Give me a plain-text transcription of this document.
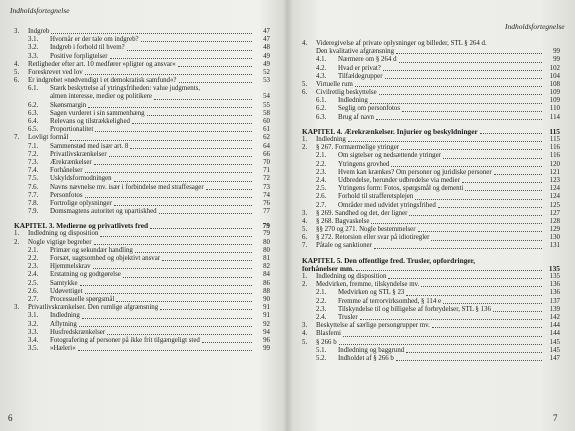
Indholdsfortegnelse
Indholdsfortegnelse
3.	Indgreb	47
3.1.	Hvornår er der tale om indgreb?	47
3.2.	Indgreb i forhold til hvem?	48
3.3.	Positive forpligtelser	49
4.	Retligheder efter art. 10 medfører »pligter og ansvar«	49
5.	Foreskrevet ved lov	52
6.	Er indgrebet »nødvendigt i et demokratisk samfund«?	53
6.1.	Stærk beskyttelse af ytringsfriheden: value judgments,
almen interesse, medier og politikere	54
6.2.	Skønsmargin	55
6.3.	Sagen vurderet i sin sammenhæng	58
6.4.	Relevans og tilstrækkelighed	60
6.5.	Proportionalitet	61
7.	Lovligt formål	62
7.1.	Sammenstød med især art. 8	64
7.2.	Privatlivskrænkelser	66
7.3.	Ærekrænkelser	70
7.4.	Forhånelser	71
7.5.	Uskyldsformodningen	72
7.6.	Navns nævnelse mv. især i forbindelse med straffesager	73
7.7.	Personfotos	74
7.8.	Fortrolige oplysninger	76
7.9.	Domsmagtens autoritet og upartiskhed	77
KAPITEL 3. Medierne og privatlivets fred	79
1.	Indledning og disposition	79
2.	Nogle vigtige begreber	80
2.1.	Primær og sekundær handling	80
2.2.	Forsæt, uagtsomhed og objektivt ansvar	81
2.3.	Hjemmelskrav	82
2.4.	Erstatning og godtgørelse	84
2.5.	Samtykke	86
2.6.	Udøvettiget	88
2.7.	Processuelle spørgsmål	90
3.	Privatlivskrænkelser. Den rumlige afgrænsning	91
3.1.	Indledning	91
3.2.	Aflytning	92
3.3.	Husfredskrænkelser	94
3.4.	Fotografering af personer på ikke frit tilgængeligt sted	96
3.5.	»Hæleri«	99
4.	Videregivelse af private oplysninger og billeder, STL § 264 d.
Den kvalitative afgrænsning	99
4.1.	Nærmere om § 264 d	99
4.2.	Hvad er privat?	102
4.3.	Tilfældegrupper	104
5.	Virtuelle rum	108
6.	Civilretlig beskyttelse	109
6.1.	Indledning	109
6.2.	Seglig om personfotos	110
6.3.	Brug af navn	114
KAPITEL 4. Ærekrænkelser. Injurier og beskyldninger	115
1.	Indledning	115
2.	§ 267. Formærmelige ytringer	116
2.1.	Om sigtelser og nedsættende ytringer	116
2.2.	Ytringens grovhed	120
2.3.	Hvem kan krænkes? Om personer og juridiske personer	121
2.4.	Udbredelse, herunder udbredelse via medier	123
2.5.	Ytringens form: Fotos, spørgsmål og dementi	124
2.6.	Forhold til strafferetsplejen	124
2.7.	Områder med udvidet ytringsfrihed	125
3.	§ 269. Sandhed og det, der ligner	127
4.	§ 268. Bagvaskelse	128
5.	§§ 270 og 271. Nogle bestemmelser	129
6.	§ 272. Retorsion eller svar på idiotiregler	130
7.	Påtale og sanktioner	131
KAPITEL 5. Den offentlige fred. Trusler, opfordringer,
forhånelser mm.	135
1.	Indledning og disposition	135
2.	Medvirken, fremme, tilskyndelse mv.	136
2.1.	Medvirken og STL § 23	136
2.2.	Fremme af terrorvirksomhed, § 114 e	137
2.3.	Tilskyndelse til og billigelse af forbrydelser, STL § 136	139
2.4.	Trusler	142
3.	Beskyttelse af særlige persongrupper mv.	144
4.	Blasfemi	144
5.	§ 266 b	145
5.1.	Indledning og baggrund	145
5.2.	Indholdet af § 266 b	147
6	7
